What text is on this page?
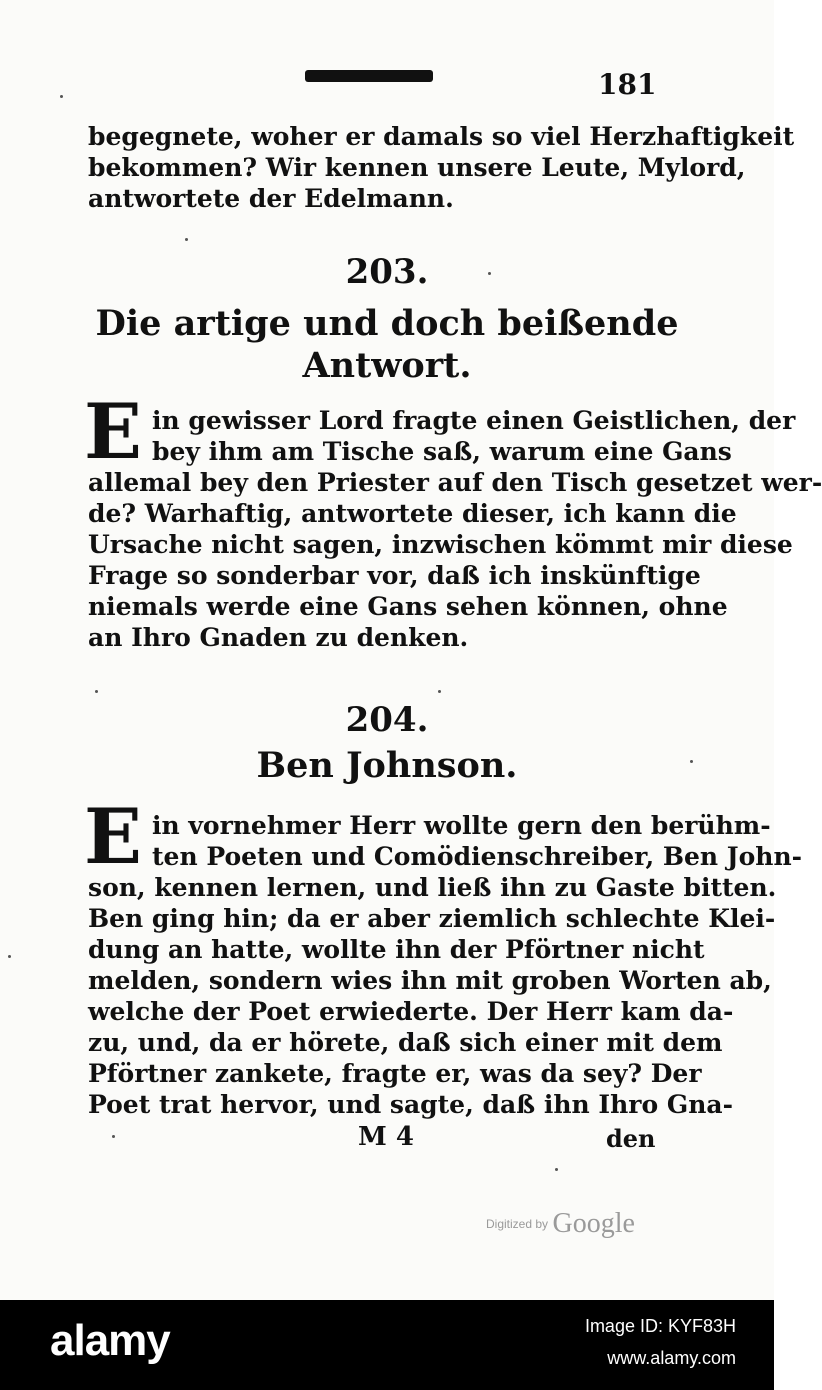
181
begegnete, woher er damals so viel Herzhaftigkeit
bekommen? Wir kennen unsere Leute, Mylord,
antwortete der Edelmann.
203.
Die artige und doch beißende
Antwort.
E in gewisser Lord fragte einen Geistlichen, der
bey ihm am Tische saß, warum eine Gans
allemal bey den Priester auf den Tisch gesetzet wer-
de? Warhaftig, antwortete dieser, ich kann die
Ursache nicht sagen, inzwischen kömmt mir diese
Frage so sonderbar vor, daß ich inskünftige
niemals werde eine Gans sehen können, ohne
an Ihro Gnaden zu denken.
204.
Ben Johnson.
E in vornehmer Herr wollte gern den berühm-
ten Poeten und Comödienschreiber, Ben John-
son, kennen lernen, und ließ ihn zu Gaste bitten.
Ben ging hin; da er aber ziemlich schlechte Klei-
dung an hatte, wollte ihn der Pförtner nicht
melden, sondern wies ihn mit groben Worten ab,
welche der Poet erwiederte. Der Herr kam da-
zu, und, da er hörete, daß sich einer mit dem
Pförtner zankete, fragte er, was da sey? Der
Poet trat hervor, und sagte, daß ihn Ihro Gna-
M 4	den
Digitized by Google
alamy	Image ID: KYF83H
www.alamy.com
